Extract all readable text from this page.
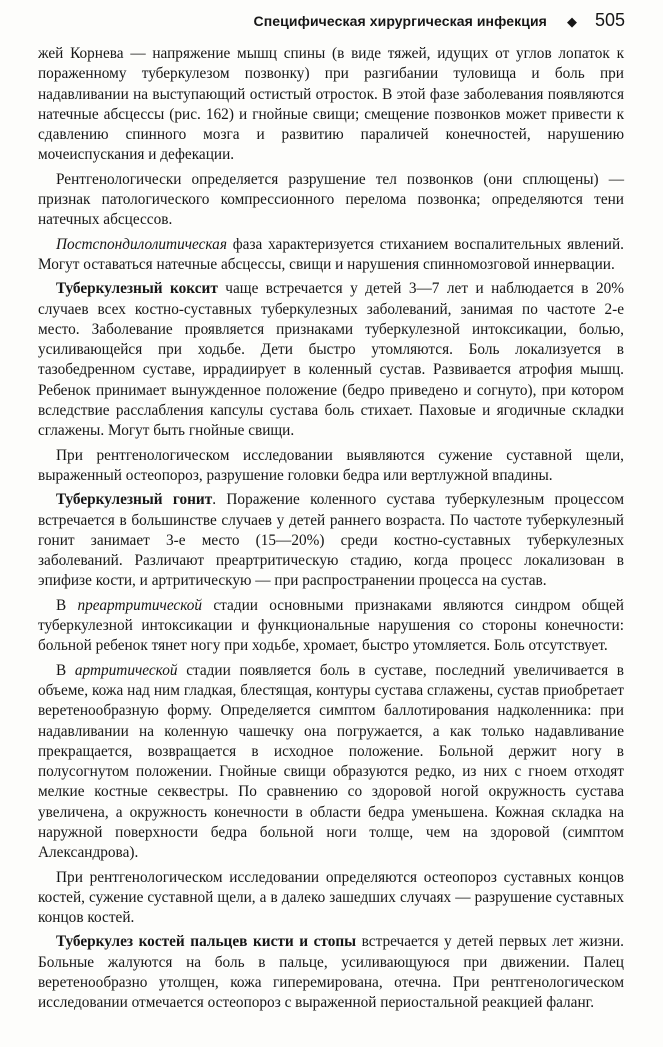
Специфическая хирургическая инфекция ◆ 505

жей Корнева — напряжение мышц спины (в виде тяжей, идущих от углов лопаток к пораженному туберкулезом позвонку) при разгибании туловища и боль при надавливании на выступающий остистый отросток. В этой фазе заболевания появляются натечные абсцессы (рис. 162) и гнойные свищи; смещение позвонков может привести к сдавлению спинного мозга и развитию параличей конечностей, нарушению мочеиспускания и дефекации.

Рентгенологически определяется разрушение тел позвонков (они сплющены) — признак патологического компрессионного перелома позвонка; определяются тени натечных абсцессов.

Постспондилолитическая фаза характеризуется стиханием воспалительных явлений. Могут оставаться натечные абсцессы, свищи и нарушения спинномозговой иннервации.

Туберкулезный коксит чаще встречается у детей 3—7 лет и наблюдается в 20% случаев всех костно-суставных туберкулезных заболеваний, занимая по частоте 2-е место. Заболевание проявляется признаками туберкулезной интоксикации, болью, усиливающейся при ходьбе. Дети быстро утомляются. Боль локализуется в тазобедренном суставе, иррадиирует в коленный сустав. Развивается атрофия мышц. Ребенок принимает вынужденное положение (бедро приведено и согнуто), при котором вследствие расслабления капсулы сустава боль стихает. Паховые и ягодичные складки сглажены. Могут быть гнойные свищи.

При рентгенологическом исследовании выявляются сужение суставной щели, выраженный остеопороз, разрушение головки бедра или вертлужной впадины.

Туберкулезный гонит. Поражение коленного сустава туберкулезным процессом встречается в большинстве случаев у детей раннего возраста. По частоте туберкулезный гонит занимает 3-е место (15—20%) среди костно-суставных туберкулезных заболеваний. Различают преартритическую стадию, когда процесс локализован в эпифизе кости, и артритическую — при распространении процесса на сустав.

В преартритической стадии основными признаками являются синдром общей туберкулезной интоксикации и функциональные нарушения со стороны конечности: больной ребенок тянет ногу при ходьбе, хромает, быстро утомляется. Боль отсутствует.

В артритической стадии появляется боль в суставе, последний увеличивается в объеме, кожа над ним гладкая, блестящая, контуры сустава сглажены, сустав приобретает веретенообразную форму. Определяется симптом баллотирования надколенника: при надавливании на коленную чашечку она погружается, а как только надавливание прекращается, возвращается в исходное положение. Больной держит ногу в полусогнутом положении. Гнойные свищи образуются редко, из них с гноем отходят мелкие костные секвестры. По сравнению со здоровой ногой окружность сустава увеличена, а окружность конечности в области бедра уменьшена. Кожная складка на наружной поверхности бедра больной ноги толще, чем на здоровой (симптом Александрова).

При рентгенологическом исследовании определяются остеопороз суставных концов костей, сужение суставной щели, а в далеко зашедших случаях — разрушение суставных концов костей.

Туберкулез костей пальцев кисти и стопы встречается у детей первых лет жизни. Больные жалуются на боль в пальце, усиливающуюся при движении. Палец веретенообразно утолщен, кожа гиперемирована, отечна. При рентгенологическом исследовании отмечается остеопороз с выраженной периостальной реакцией фаланг.
